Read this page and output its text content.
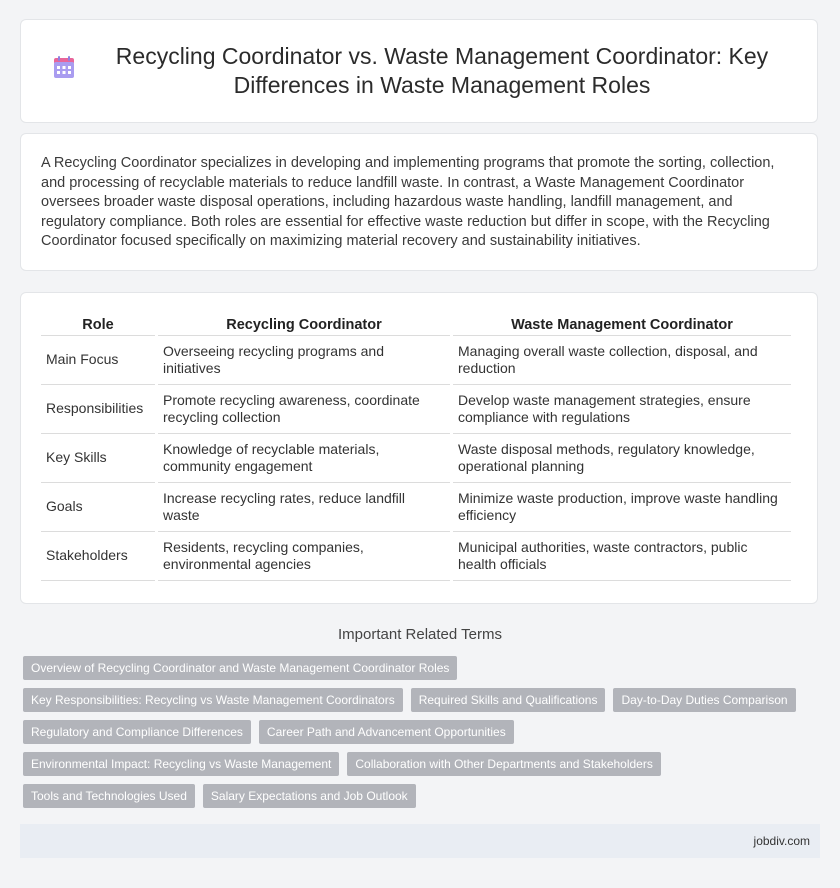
Recycling Coordinator vs. Waste Management Coordinator: Key Differences in Waste Management Roles

A Recycling Coordinator specializes in developing and implementing programs that promote the sorting, collection, and processing of recyclable materials to reduce landfill waste. In contrast, a Waste Management Coordinator oversees broader waste disposal operations, including hazardous waste handling, landfill management, and regulatory compliance. Both roles are essential for effective waste reduction but differ in scope, with the Recycling Coordinator focused specifically on maximizing material recovery and sustainability initiatives.

Role	Recycling Coordinator	Waste Management Coordinator
Main Focus	Overseeing recycling programs and initiatives	Managing overall waste collection, disposal, and reduction
Responsibilities	Promote recycling awareness, coordinate recycling collection	Develop waste management strategies, ensure compliance with regulations
Key Skills	Knowledge of recyclable materials, community engagement	Waste disposal methods, regulatory knowledge, operational planning
Goals	Increase recycling rates, reduce landfill waste	Minimize waste production, improve waste handling efficiency
Stakeholders	Residents, recycling companies, environmental agencies	Municipal authorities, waste contractors, public health officials
Important Related Terms
Overview of Recycling Coordinator and Waste Management Coordinator Roles
Key Responsibilities: Recycling vs Waste Management Coordinators	Required Skills and Qualifications	Day-to-Day Duties Comparison
Regulatory and Compliance Differences	Career Path and Advancement Opportunities
Environmental Impact: Recycling vs Waste Management	Collaboration with Other Departments and Stakeholders
Tools and Technologies Used	Salary Expectations and Job Outlook
jobdiv.com
